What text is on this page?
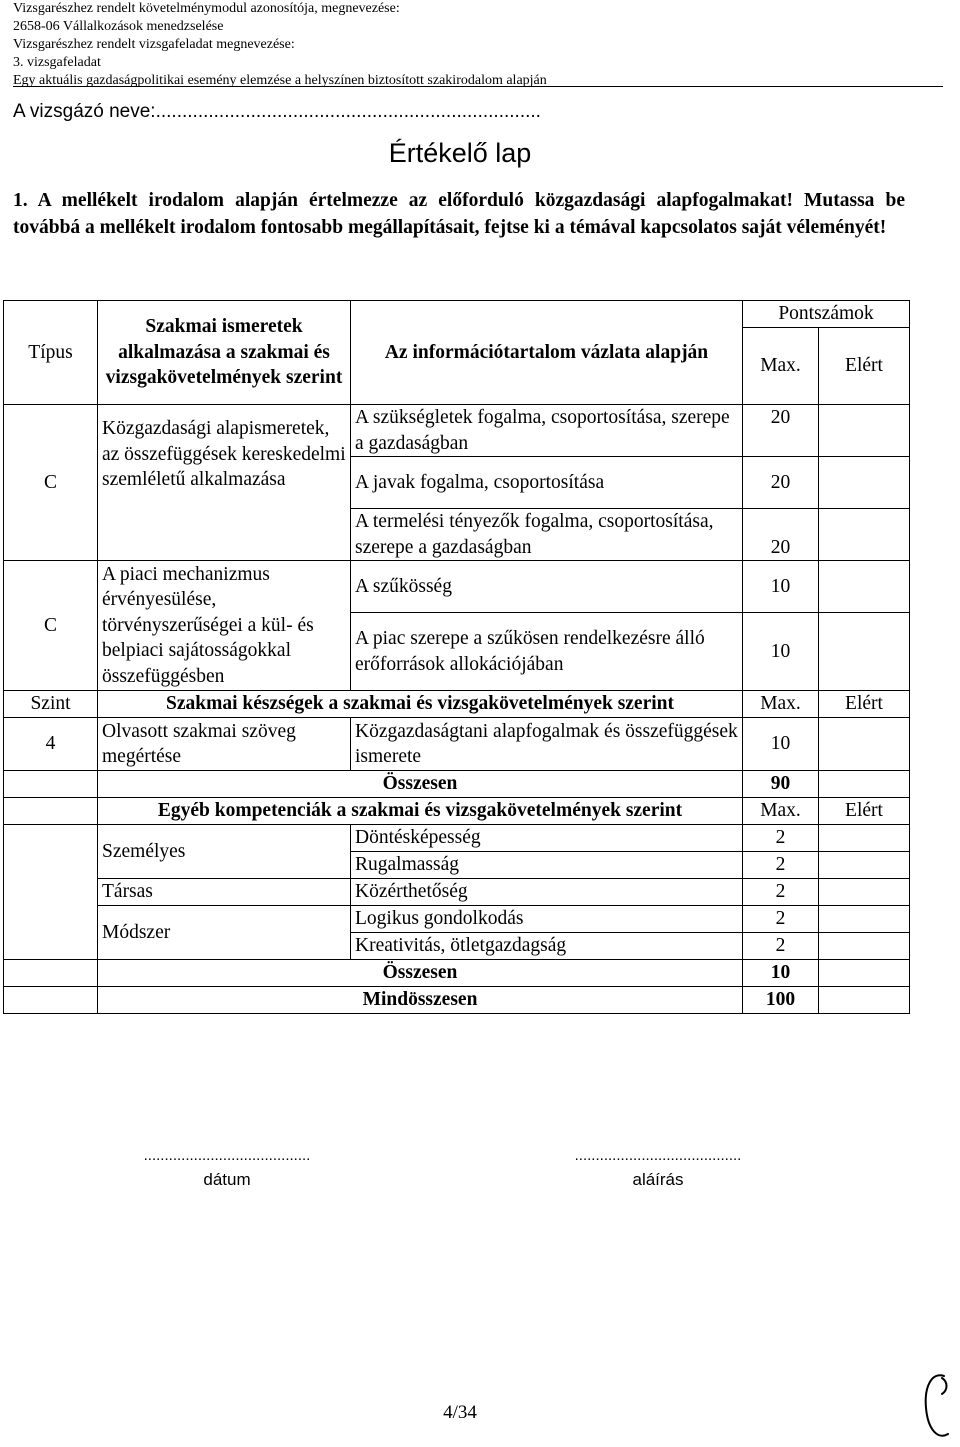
Vizsgarészhez rendelt követelménymodul azonosítója, megnevezése:
2658-06 Vállalkozások menedzselése
Vizsgarészhez rendelt vizsgafeladat megnevezése:
3. vizsgafeladat
Egy aktuális gazdaságpolitikai esemény elemzése a helyszínen biztosított szakirodalom alapján
A vizsgázó neve:.........................................................................
Értékelő lap
1. A mellékelt irodalom alapján értelmezze az előforduló közgazdasági alapfogalmakat! Mutassa be továbbá a mellékelt irodalom fontosabb megállapításait, fejtse ki a témával kapcsolatos saját véleményét!
Típus	Szakmai ismeretek alkalmazása a szakmai és vizsgakövetelmények szerint	Az információtartalom vázlata alapján	Pontszámok	
			Max.	Elért
C	Közgazdasági alapismeretek, az összefüggések kereskedelmi szemléletű alkalmazása	A szükségletek fogalma, csoportosítása, szerepe a gazdaságban	20	
		A javak fogalma, csoportosítása	20	
		A termelési tényezők fogalma, csoportosítása, szerepe a gazdaságban	20	
C	A piaci mechanizmus érvényesülése, törvényszerűségei a kül- és belpiaci sajátosságokkal összefüggésben	A szűkösség	10	
		A piac szerepe a szűkösen rendelkezésre álló erőforrások allokációjában	10	
Szint	Szakmai készségek a szakmai és vizsgakövetelmények szerint		Max.	Elért
4	Olvasott szakmai szöveg megértése	Közgazdaságtani alapfogalmak és összefüggések ismerete	10	
	Összesen		90	
	Egyéb kompetenciák a szakmai és vizsgakövetelmények szerint		Max.	Elért
	Személyes	Döntésképesség	2	
		Rugalmasság	2	
	Társas	Közérthetőség	2	
	Módszer	Logikus gondolkodás	2	
		Kreativitás, ötletgazdagság	2	
	Összesen		10	
	Mindösszesen		100	
........................................
dátum
........................................
aláírás
4/34
